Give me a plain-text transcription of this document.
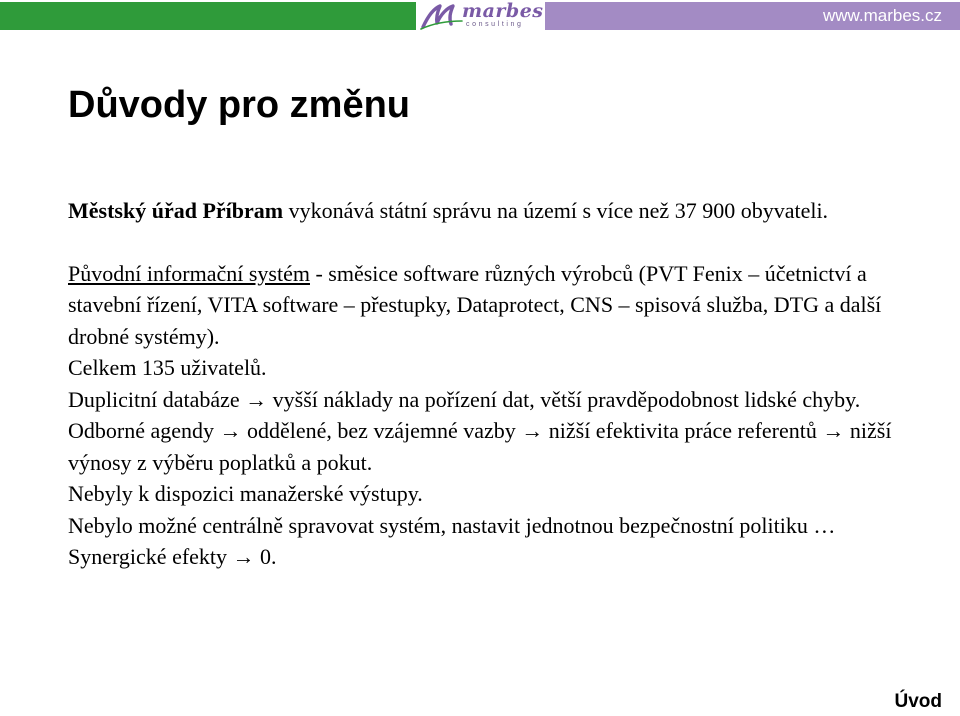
marbes
consulting	www.marbes.cz
Důvody pro změnu

Městský úřad Příbram vykonává státní správu na území s více než 37 900 obyvateli.

Původní informační systém - směsice software různých výrobců (PVT Fenix – účetnictví a stavební řízení, VITA software – přestupky, Dataprotect, CNS – spisová služba, DTG a další drobné systémy).

Celkem 135 uživatelů.

Duplicitní databáze → vyšší náklady na pořízení dat, větší pravděpodobnost lidské chyby.

Odborné agendy → oddělené, bez vzájemné vazby → nižší efektivita práce referentů → nižší výnosy z výběru poplatků a pokut.

Nebyly k dispozici manažerské výstupy.

Nebylo možné centrálně spravovat systém, nastavit jednotnou bezpečnostní politiku …

Synergické efekty → 0.

Úvod
